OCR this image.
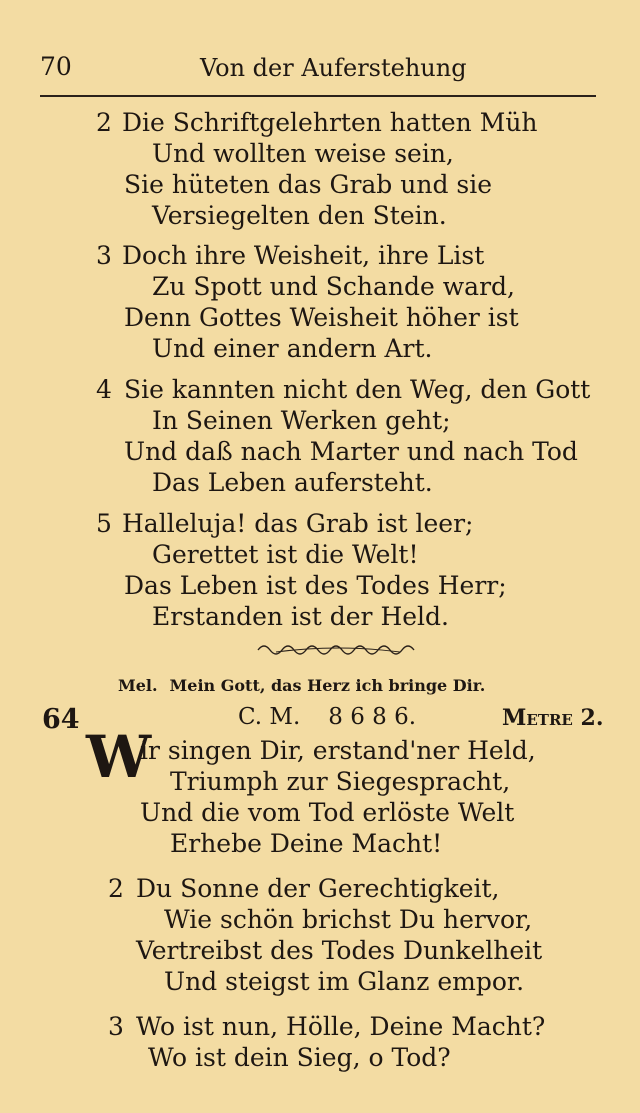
70	Von der Auferstehung
2 Die Schriftgelehrten hatten Müh
Und wollten weise sein,
Sie hüteten das Grab und sie
Versiegelten den Stein.
3 Doch ihre Weisheit, ihre List
Zu Spott und Schande ward,
Denn Gottes Weisheit höher ist
Und einer andern Art.
4 Sie kannten nicht den Weg, den Gott
In Seinen Werken geht;
Und daß nach Marter und nach Tod
Das Leben aufersteht.
5 Halleluja! das Grab ist leer;
Gerettet ist die Welt!
Das Leben ist des Todes Herr;
Erstanden ist der Held.
Mel. Mein Gott, das Herz ich bringe Dir.
64	C. M. 8 6 8 6.	Metre 2.
W
ir singen Dir, erstand'ner Held,
Triumph zur Siegespracht,
Und die vom Tod erlöste Welt
Erhebe Deine Macht!
2 Du Sonne der Gerechtigkeit,
Wie schön brichst Du hervor,
Vertreibst des Todes Dunkelheit
Und steigst im Glanz empor.
3 Wo ist nun, Hölle, Deine Macht?
Wo ist dein Sieg, o Tod?
